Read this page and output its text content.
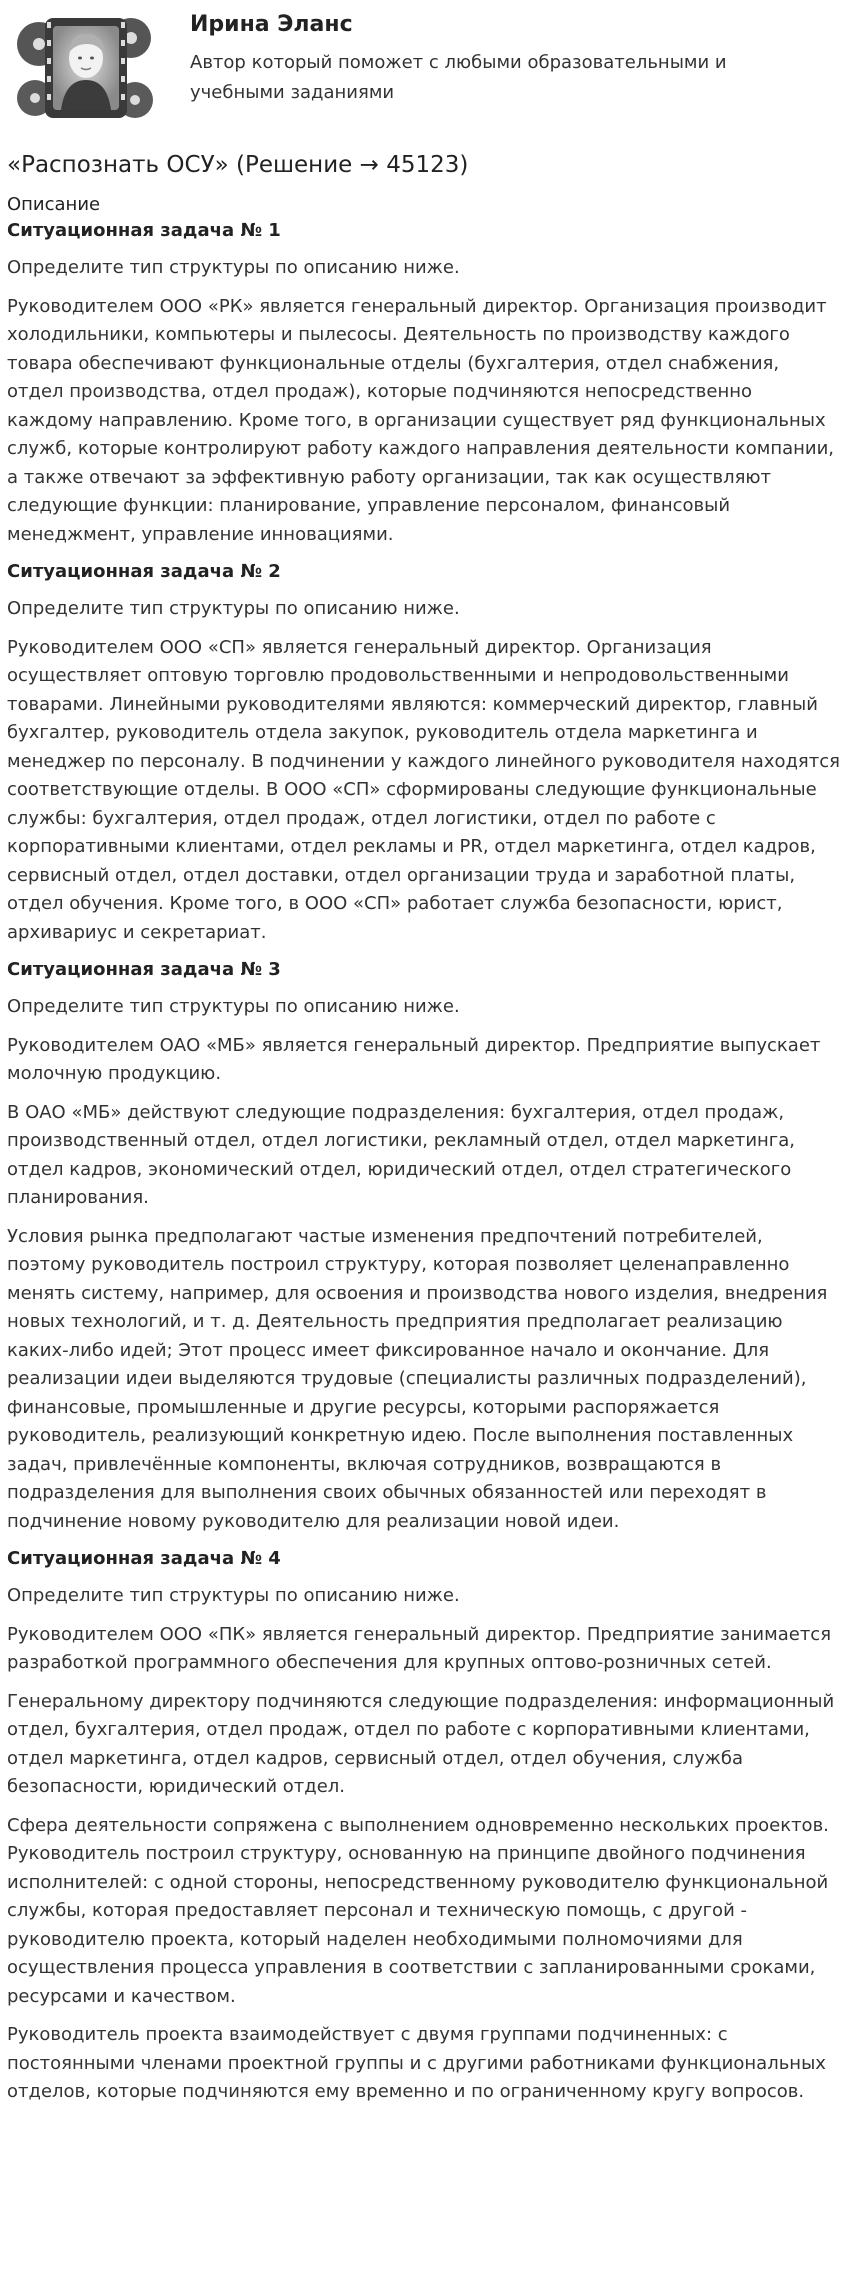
Ирина Эланс
Автор который поможет с любыми образовательными и учебными заданиями
«Распознать ОСУ» (Решение → 45123)
Описание
Ситуационная задача № 1

Определите тип структуры по описанию ниже.

Руководителем ООО «РК» является генеральный директор. Организация производит холодильники, компьютеры и пылесосы. Деятельность по производству каждого товара обеспечивают функциональные отделы (бухгалтерия, отдел снабжения, отдел производства, отдел продаж), которые подчиняются непосредственно каждому направлению. Кроме того, в организации существует ряд функциональных служб, которые контролируют работу каждого направления деятельности компании, а также отвечают за эффективную работу организации, так как осуществляют следующие функции: планирование, управление персоналом, финансовый менеджмент, управление инновациями.

Ситуационная задача № 2

Определите тип структуры по описанию ниже.

Руководителем ООО «СП» является генеральный директор. Организация осуществляет оптовую торговлю продовольственными и непродовольственными товарами. Линейными руководителями являются: коммерческий директор, главный бухгалтер, руководитель отдела закупок, руководитель отдела маркетинга и менеджер по персоналу. В подчинении у каждого линейного руководителя находятся соответствующие отделы. В ООО «СП» сформированы следующие функциональные службы: бухгалтерия, отдел продаж, отдел логистики, отдел по работе с корпоративными клиентами, отдел рекламы и PR, отдел маркетинга, отдел кадров, сервисный отдел, отдел доставки, отдел организации труда и заработной платы, отдел обучения. Кроме того, в ООО «СП» работает служба безопасности, юрист, архивариус и секретариат.

Ситуационная задача № 3

Определите тип структуры по описанию ниже.

Руководителем ОАО «МБ» является генеральный директор. Предприятие выпускает молочную продукцию.

В ОАО «МБ» действуют следующие подразделения: бухгалтерия, отдел продаж, производственный отдел, отдел логистики, рекламный отдел, отдел маркетинга, отдел кадров, экономический отдел, юридический отдел, отдел стратегического планирования.

Условия рынка предполагают частые изменения предпочтений потребителей, поэтому руководитель построил структуру, которая позволяет целенаправленно менять систему, например, для освоения и производства нового изделия, внедрения новых технологий, и т. д. Деятельность предприятия предполагает реализацию каких-либо идей; Этот процесс имеет фиксированное начало и окончание. Для реализации идеи выделяются трудовые (специалисты различных подразделений), финансовые, промышленные и другие ресурсы, которыми распоряжается руководитель, реализующий конкретную идею. После выполнения поставленных задач, привлечённые компоненты, включая сотрудников, возвращаются в подразделения для выполнения своих обычных обязанностей или переходят в подчинение новому руководителю для реализации новой идеи.

Ситуационная задача № 4

Определите тип структуры по описанию ниже.

Руководителем ООО «ПК» является генеральный директор. Предприятие занимается разработкой программного обеспечения для крупных оптово-розничных сетей.

Генеральному директору подчиняются следующие подразделения: информационный отдел, бухгалтерия, отдел продаж, отдел по работе с корпоративными клиентами, отдел маркетинга, отдел кадров, сервисный отдел, отдел обучения, служба безопасности, юридический отдел.

Сфера деятельности сопряжена с выполнением одновременно нескольких проектов. Руководитель построил структуру, основанную на принципе двойного подчинения исполнителей: с одной стороны, непосредственному руководителю функциональной службы, которая предоставляет персонал и техническую помощь, с другой - руководителю проекта, который наделен необходимыми полномочиями для осуществления процесса управления в соответствии с запланированными сроками, ресурсами и качеством.

Руководитель проекта взаимодействует с двумя группами подчиненных: с постоянными членами проектной группы и с другими работниками функциональных отделов, которые подчиняются ему временно и по ограниченному кругу вопросов.
